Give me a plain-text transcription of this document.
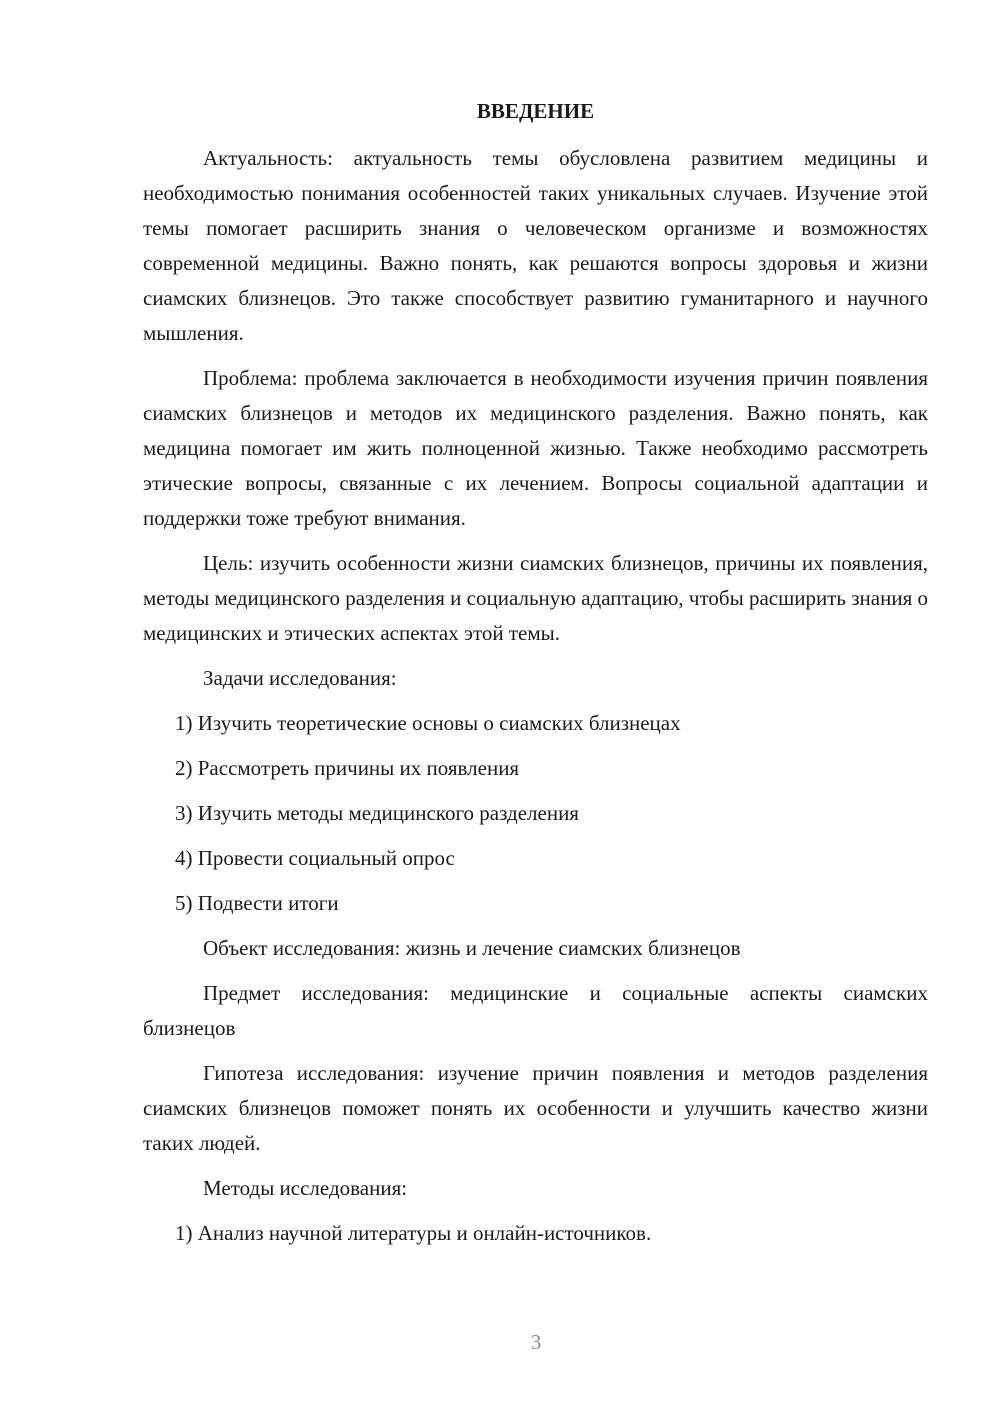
ВВЕДЕНИЕ

Актуальность: актуальность темы обусловлена развитием медицины и необходимостью понимания особенностей таких уникальных случаев. Изучение этой темы помогает расширить знания о человеческом организме и возможностях современной медицины. Важно понять, как решаются вопросы здоровья и жизни сиамских близнецов. Это также способствует развитию гуманитарного и научного мышления.

Проблема: проблема заключается в необходимости изучения причин появления сиамских близнецов и методов их медицинского разделения. Важно понять, как медицина помогает им жить полноценной жизнью. Также необходимо рассмотреть этические вопросы, связанные с их лечением. Вопросы социальной адаптации и поддержки тоже требуют внимания.

Цель: изучить особенности жизни сиамских близнецов, причины их появления, методы медицинского разделения и социальную адаптацию, чтобы расширить знания о медицинских и этических аспектах этой темы.

Задачи исследования:
1) Изучить теоретические основы о сиамских близнецах
2) Рассмотреть причины их появления
3) Изучить методы медицинского разделения
4) Провести социальный опрос
5) Подвести итоги
Объект исследования: жизнь и лечение сиамских близнецов

Предмет исследования: медицинские и социальные аспекты сиамских близнецов

Гипотеза исследования: изучение причин появления и методов разделения сиамских близнецов поможет понять их особенности и улучшить качество жизни таких людей.

Методы исследования:
1) Анализ научной литературы и онлайн-источников.
3
